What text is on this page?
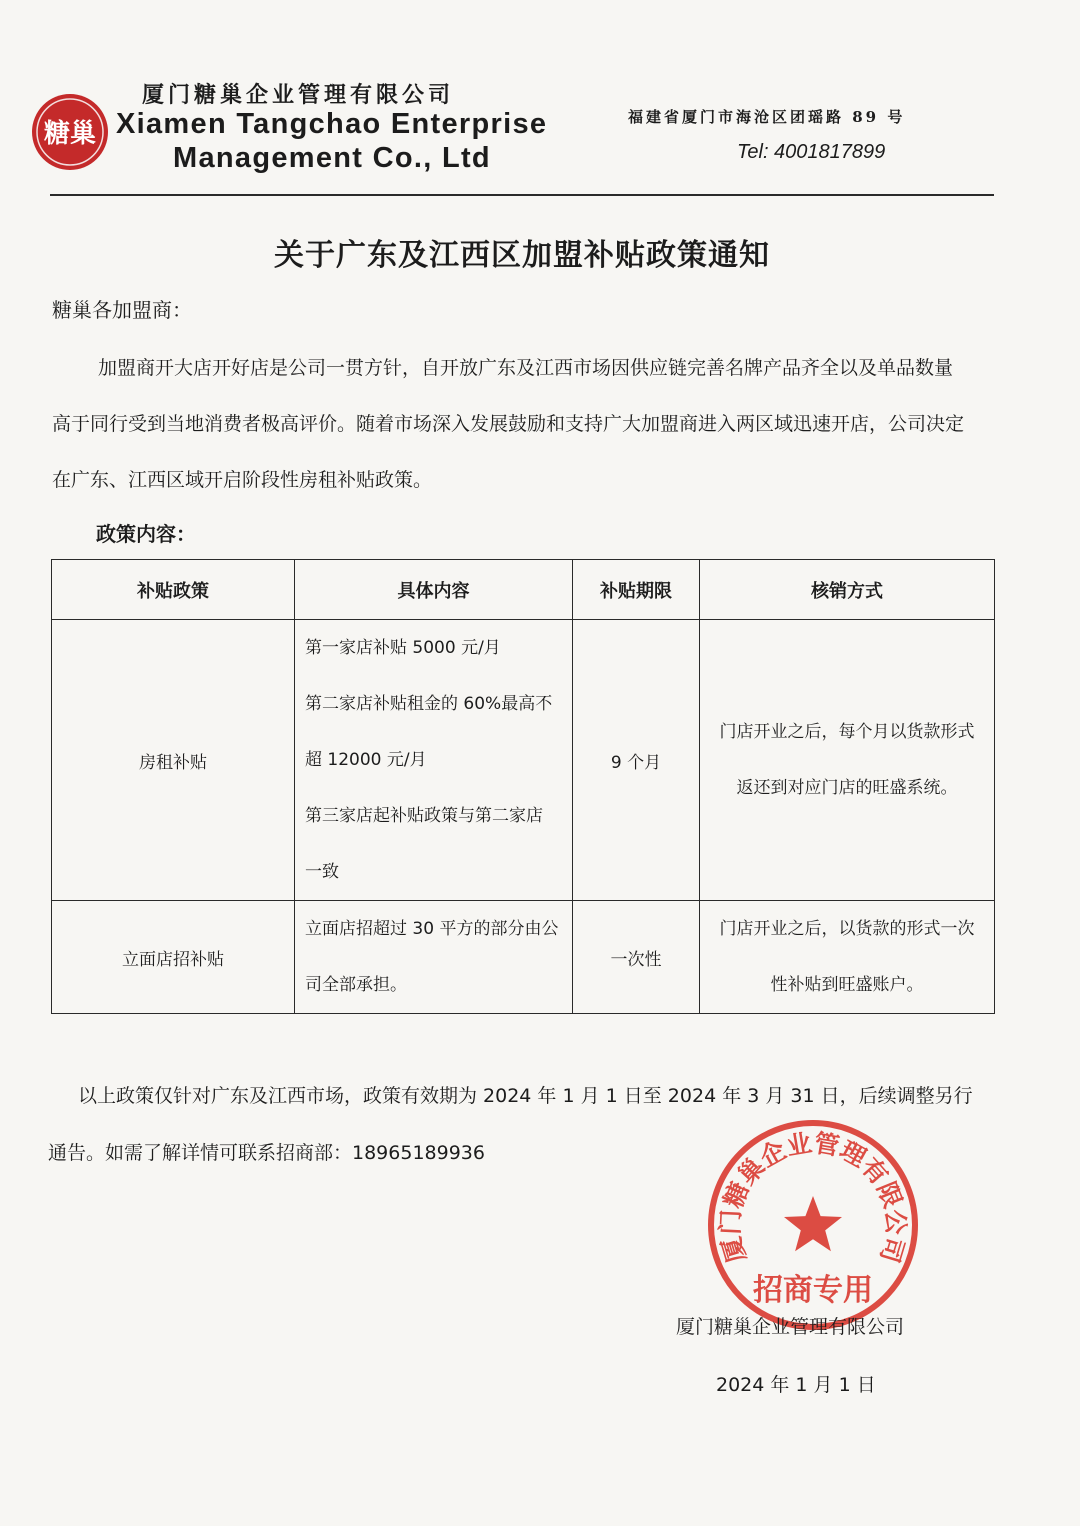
糖巢
厦门糖巢企业管理有限公司
Xiamen Tangchao Enterprise
Management Co., Ltd
福建省厦门市海沧区团瑶路 89 号
Tel: 4001817899
关于广东及江西区加盟补贴政策通知
糖巢各加盟商：
加盟商开大店开好店是公司一贯方针，自开放广东及江西市场因供应链完善名牌产品齐全以及单品数量
高于同行受到当地消费者极高评价。随着市场深入发展鼓励和支持广大加盟商进入两区域迅速开店，公司决定
在广东、江西区域开启阶段性房租补贴政策。
政策内容：
补贴政策	具体内容	补贴期限	核销方式
房租补贴	第一家店补贴 5000 元/月
第二家店补贴租金的 60%最高不
超 12000 元/月
第三家店起补贴政策与第二家店
一致	9 个月	门店开业之后，每个月以货款形式
返还到对应门店的旺盛系统。

立面店招补贴	立面店招超过 30 平方的部分由公
司全部承担。	一次性	门店开业之后，以货款的形式一次
性补贴到旺盛账户。
以上政策仅针对广东及江西市场，政策有效期为 2024 年 1 月 1 日至 2024 年 3 月 31 日，后续调整另行
通告。如需了解详情可联系招商部：18965189936
厦门糖巢企业管理有限公司
招商专用
厦门糖巢企业管理有限公司
2024 年 1 月 1 日
